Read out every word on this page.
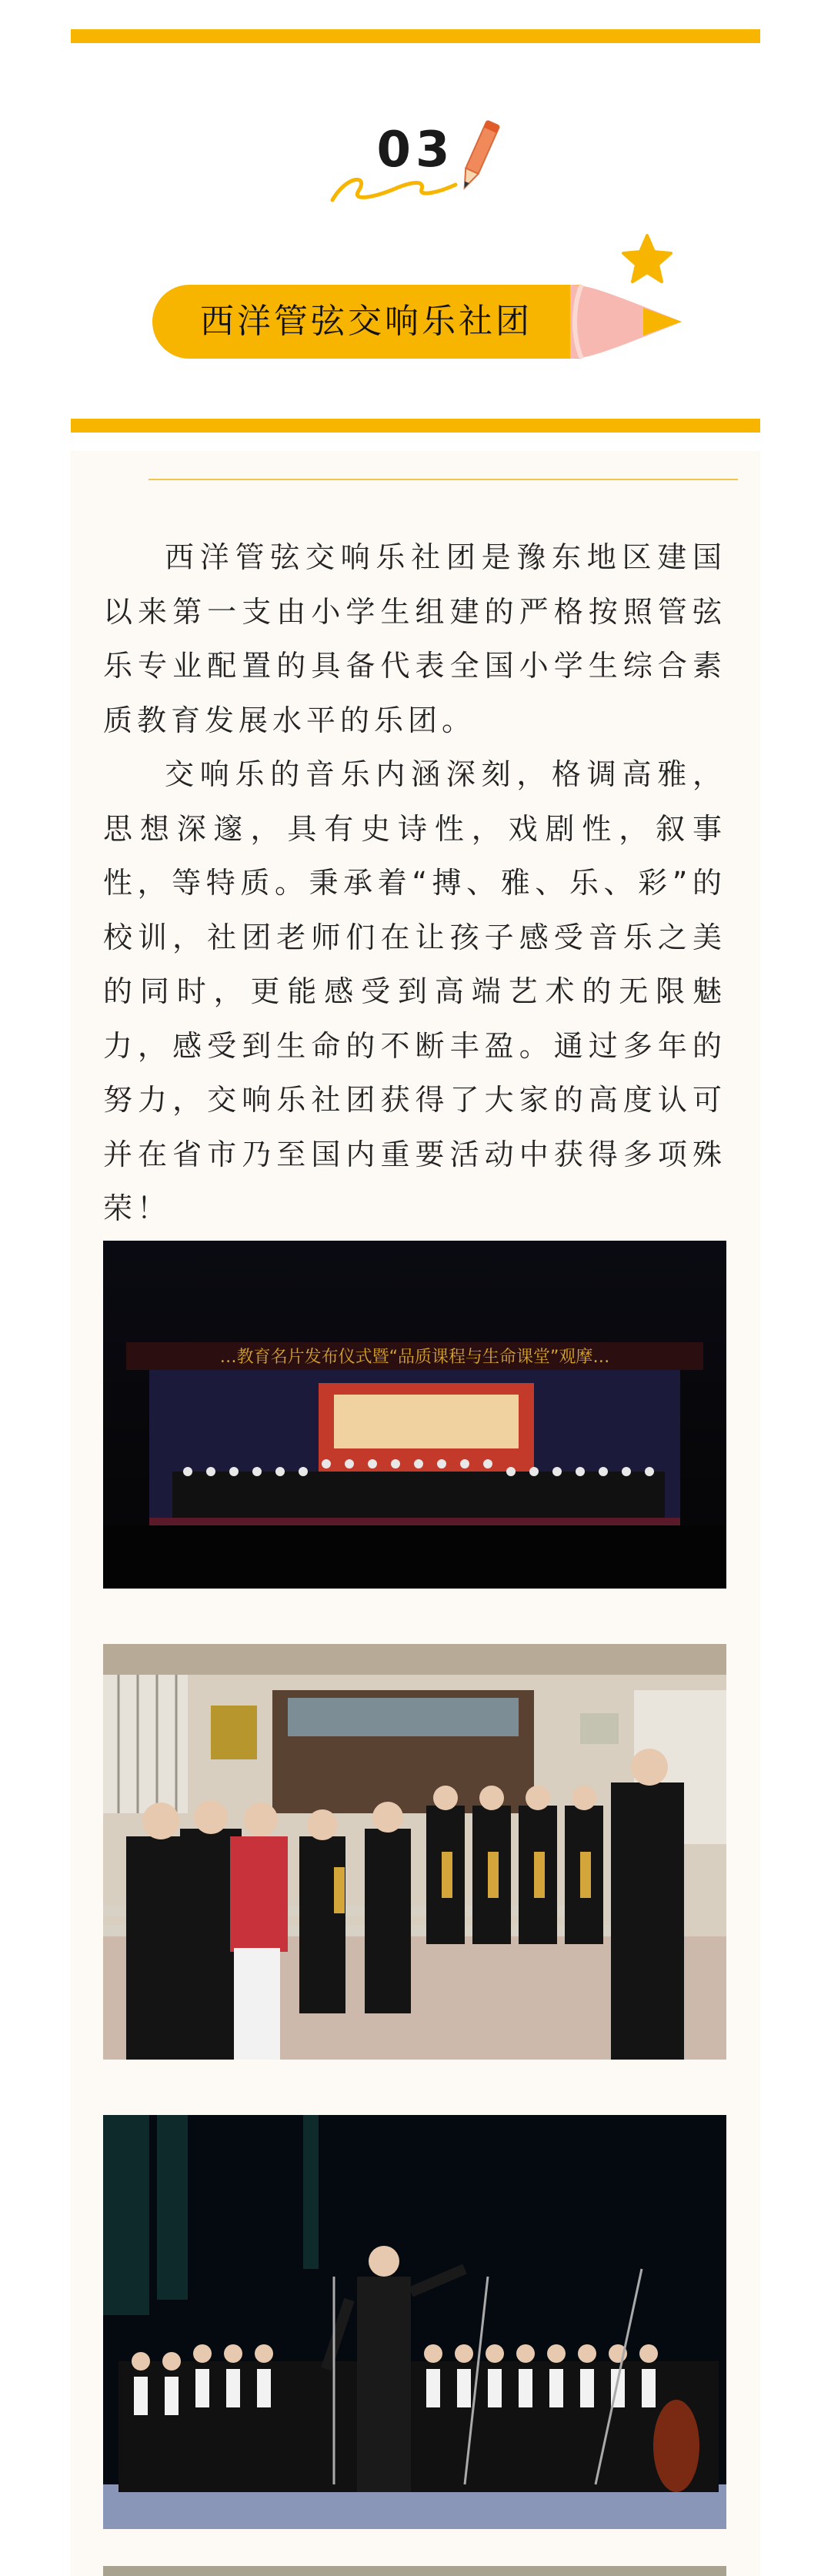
03
西洋管弦交响乐社团

西洋管弦交响乐社团是豫东地区建国以来第一支由小学生组建的严格按照管弦乐专业配置的具备代表全国小学生综合素质教育发展水平的乐团。

交响乐的音乐内涵深刻，格调高雅，思想深邃，具有史诗性，戏剧性，叙事性，等特质。秉承着“搏、雅、乐、彩”的校训，社团老师们在让孩子感受音乐之美的同时，更能感受到高端艺术的无限魅力，感受到生命的不断丰盈。通过多年的努力，交响乐社团获得了大家的高度认可并在省市乃至国内重要活动中获得多项殊荣！

…教育名片发布仪式暨“品质课程与生命课堂”观摩…
